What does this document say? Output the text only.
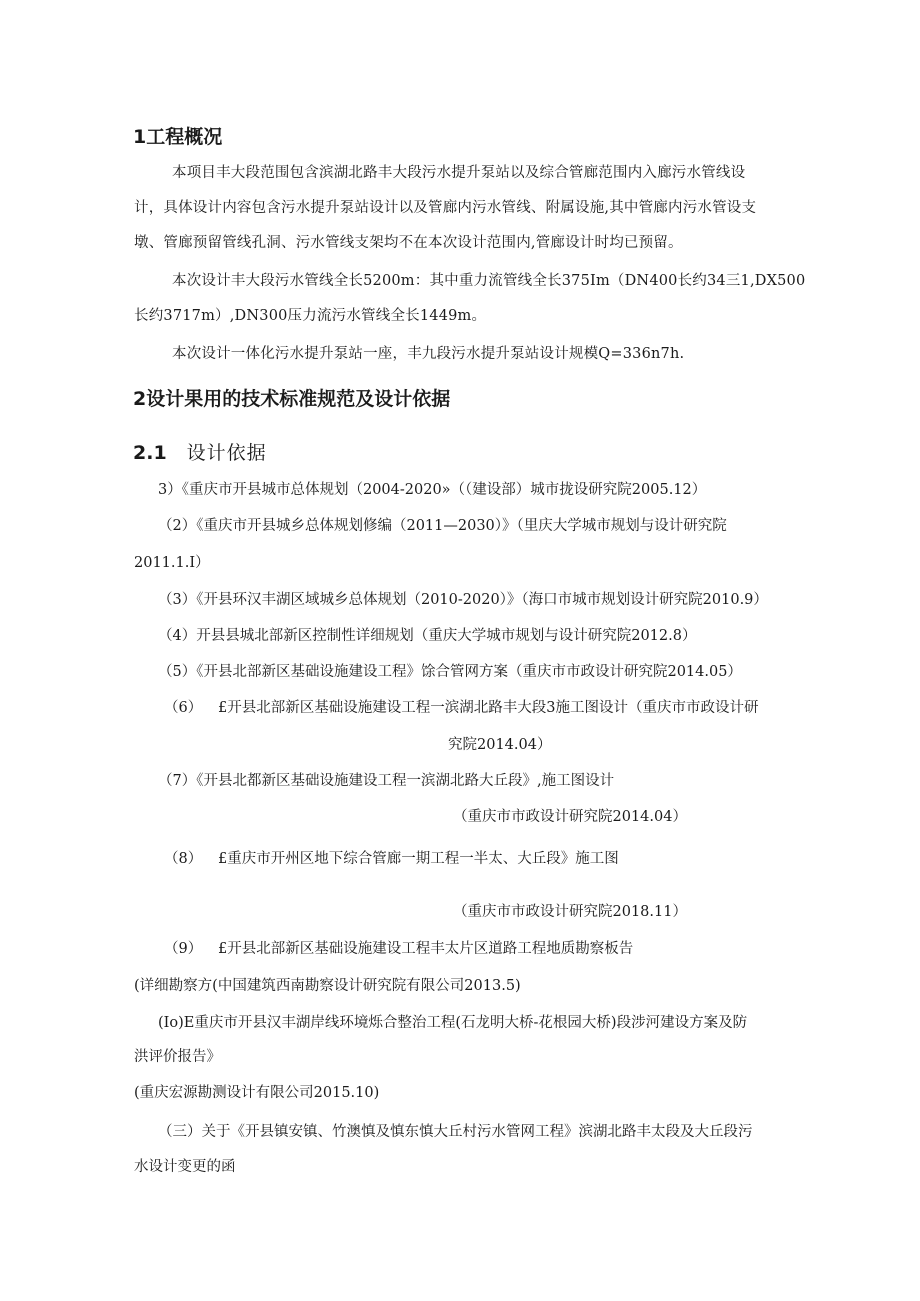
1工程概况
本项目丰大段范围包含滨湖北路丰大段污水提升泵站以及综合管廊范围内入廊污水管线设
计，具体设计内容包含污水提升泵站设计以及管廊内污水管线、附属设施,其中管廊内污水管设支
墩、管廊预留管线孔洞、污水管线支架均不在本次设计范围内,管廊设计时均已预留。
本次设计丰大段污水管线全长5200m：其中重力流管线全长375Im（DN400长约34三1,DX500
长约3717m）,DN300压力流污水管线全长1449m。
本次设计一体化污水提升泵站一座，丰九段污水提升泵站设计规模Q=336n7h.
2设计果用的技术标准规范及设计依据
2.1 设计依据
3）《重庆市开县城市总体规划（2004-2020»（（建设部）城市拢设研究院2005.12）
（2）《重庆市开县城乡总体规划修编（2011—2030）》（里庆大学城市规划与设计研究院
2011.1.I）
（3）《开县环汉丰湖区域城乡总体规划（2010-2020）》（海口市城市规划设计研究院2010.9）
（4）开县县城北部新区控制性详细规划（重庆大学城市规划与设计研究院2012.8）
（5）《开县北部新区基础设施建设工程》馀合管网方案（重庆市市政设计研究院2014.05）
（6） £开县北部新区基础设施建设工程一滨湖北路丰大段3施工图设计（重庆市市政设计研
究院2014.04）
（7）《开县北都新区基础设施建设工程一滨湖北路大丘段》,施工图设计
（重庆市市政设计研究院2014.04）
（8） £重庆市开州区地下综合管廊一期工程一半太、大丘段》施工图
（重庆市市政设计研究院2018.11）
（9） £开县北部新区基础设施建设工程丰太片区道路工程地质勘察板告
(详细勘察方(中国建筑西南勘察设计研究院有限公司2013.5)
(Io)E重庆市开县汉丰湖岸线环境烁合整治工程(石龙明大桥-花根园大桥)段涉河建设方案及防
洪评价报告》
(重庆宏源勘测设计有限公司2015.10)
（三）关于《开县镇安镇、竹澳慎及慎东慎大丘村污水管网工程》滨湖北路丰太段及大丘段污
水设计变更的函
